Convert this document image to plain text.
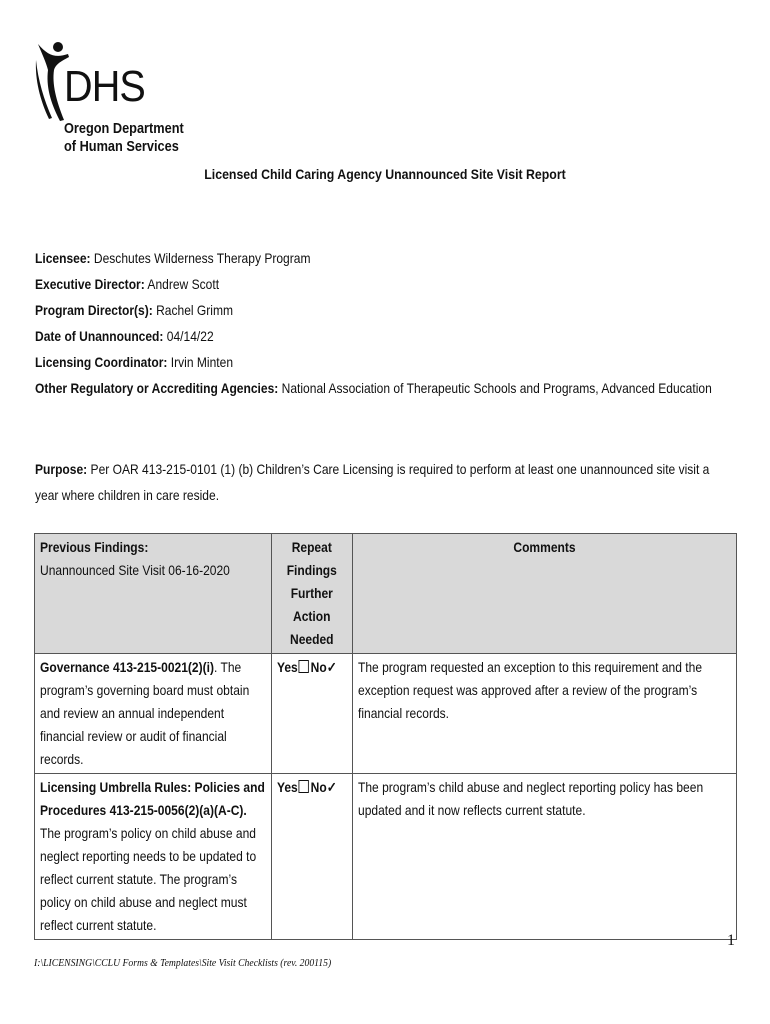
DHS
Oregon Department
of Human Services
Licensed Child Caring Agency Unannounced Site Visit Report
Licensee: Deschutes Wilderness Therapy Program
Executive Director: Andrew Scott
Program Director(s): Rachel Grimm
Date of Unannounced: 04/14/22
Licensing Coordinator: Irvin Minten
Other Regulatory or Accrediting Agencies: National Association of Therapeutic Schools and Programs, Advanced Education
Purpose: Per OAR 413-215-0101 (1) (b) Children’s Care Licensing is required to perform at least one unannounced site visit a year where children in care reside.
Previous Findings:
Unannounced Site Visit 06-16-2020	Repeat
Findings
Further
Action
Needed	Comments

Governance 413-215-0021(2)(i). The program’s governing board must obtain and review an annual independent financial review or audit of financial records.	Yes No✓	The program requested an exception to this requirement and the exception request was approved after a review of the program’s financial records.
Licensing Umbrella Rules: Policies and Procedures 413-215-0056(2)(a)(A-C). The program’s policy on child abuse and neglect reporting needs to be updated to reflect current statute. The program’s policy on child abuse and neglect must reflect current statute.	Yes No✓	The program’s child abuse and neglect reporting policy has been updated and it now reflects current statute.
1
I:\LICENSING\CCLU Forms & Templates\Site Visit Checklists (rev. 200115)
